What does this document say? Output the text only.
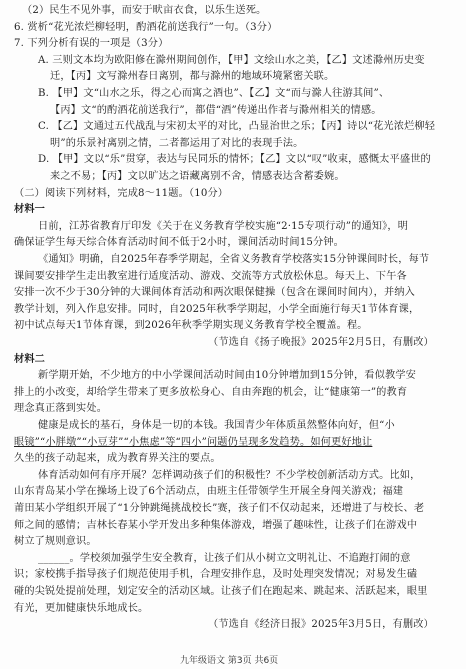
（2）民生不见外事，而安于畎亩衣食，以乐生送死。
6. 赏析“花光浓烂柳轻明，酌酒花前送我行”一句。（3分）
7. 下列分析有误的一项是（3分）
A. 三则文本均为欧阳修在滁州期间创作，【甲】文绘山水之美，【乙】文述滁州历史变
迁，【丙】文写滁州春日离别，都与滁州的地域环境紧密关联。
B. 【甲】文“山水之乐，得之心而寓之酒也”、【乙】文“而与滁人往游其间”、
【丙】文“的酌酒花前送我行”，都借“酒”传递出作者与滁州相关的情感。
C. 【乙】文通过五代战乱与宋初太平的对比，凸显治世之乐；【丙】诗以“花光浓烂柳轻
明”的乐景衬离别之情，二者都运用了对比的表现手法。
D. 【甲】文以“乐”贯穿，表达与民同乐的情怀；【乙】文以“叹”收束，感慨太平盛世的
来之不易；【丙】文以旷达之语藏离别不舍，情感表达含蓄委婉。
（二）阅读下列材料，完成8～11题。（10分）
材料一
日前，江苏省教育厅印发《关于在义务教育学校实施“2·15专项行动”的通知》，明
确保证学生每天综合体育活动时间不低于2小时，课间活动时间15分钟。
《通知》明确，自2025年春季学期起，全省义务教育学校落实15分钟课间时长，每节
课间要安排学生走出教室进行适度活动、游戏、交流等方式放松休息。每天上、下午各
安排一次不少于30分钟的大课间体育活动和两次眼保健操（包含在课间时间内），并纳入
教学计划，列入作息安排。同时，自2025年秋季学期起，小学全面施行每天1节体育课，
初中试点每天1节体育课，到2026年秋季学期实现义务教育学校全覆盖。程。
（节选自《扬子晚报》2025年2月5日，有删改）
材料二
新学期开始，不少地方的中小学课间活动时间由10分钟增加到15分钟，看似教学安
排上的小改变，却给学生带来了更多放松身心、自由奔跑的机会，让“健康第一”的教育
理念真正落到实处。
健康是成长的基石，身体是一切的本钱。我国青少年体质虽然整体向好，但“小
眼镜”“小胖墩”“小豆芽”“小焦虑”等“四小”问题仍呈现多发趋势。如何更好地让
久坐的孩子动起来，成为教育界关注的要点。
体育活动如何有序开展？怎样调动孩子们的积极性？不少学校创新活动方式。比如，
山东青岛某小学在操场上设了6个活动点，由班主任带领学生开展全身闯关游戏；福建
莆田某小学组织开展了“1分钟跳绳挑战校长”赛，孩子们不仅动起来，还增进了与校长、老
师之间的感情；吉林长春某小学开发出多种集体游戏，增强了趣味性，让孩子们在游戏中
树立了规则意识。
______。学校须加强学生安全教育，让孩子们从小树立文明礼让、不追跑打闹的意
识；家校携手指导孩子们规范使用手机，合理安排作息，及时处理突发情况；对易发生磕
碰的尖锐处提前处理，划定安全的活动区域。让孩子们在跑起来、跳起来、活跃起来，眼里
有光，更加健康快乐地成长。
（节选自《经济日报》2025年3月5日，有删改）
九年级语文 第3页 共6页
